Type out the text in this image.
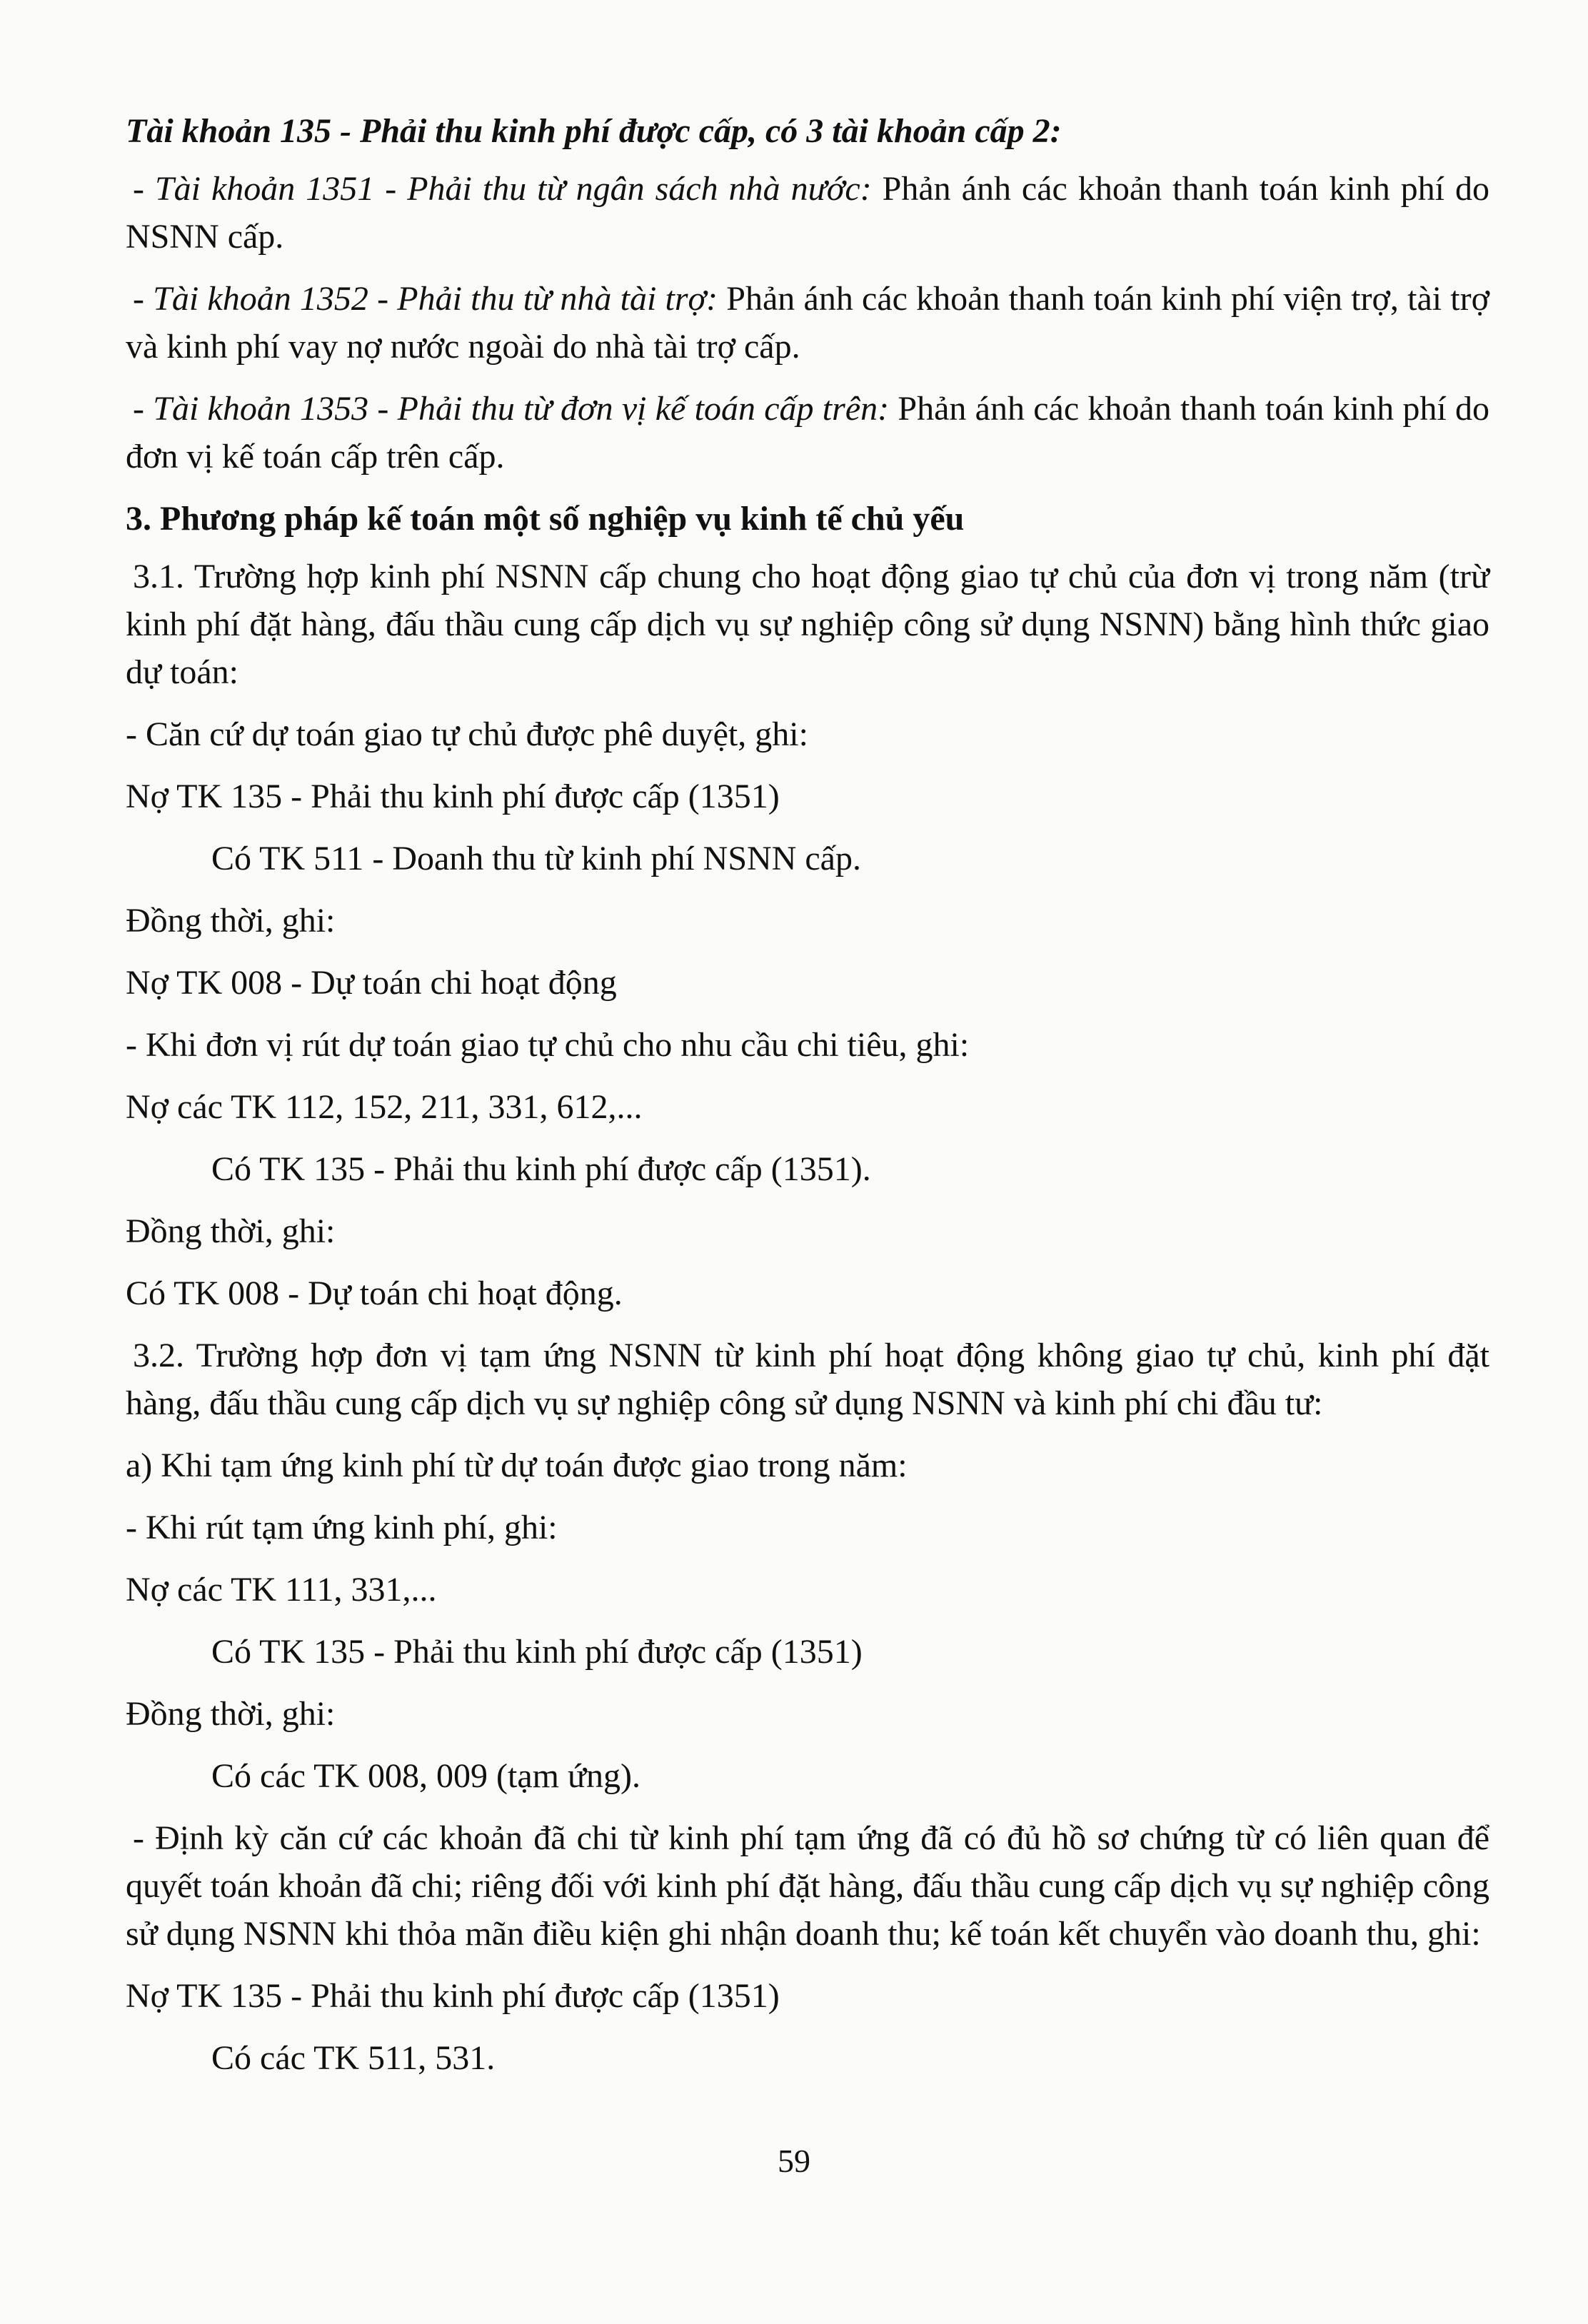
Tài khoản 135 - Phải thu kinh phí được cấp, có 3 tài khoản cấp 2:

- Tài khoản 1351 - Phải thu từ ngân sách nhà nước: Phản ánh các khoản thanh toán kinh phí do NSNN cấp.

- Tài khoản 1352 - Phải thu từ nhà tài trợ: Phản ánh các khoản thanh toán kinh phí viện trợ, tài trợ và kinh phí vay nợ nước ngoài do nhà tài trợ cấp.

- Tài khoản 1353 - Phải thu từ đơn vị kế toán cấp trên: Phản ánh các khoản thanh toán kinh phí do đơn vị kế toán cấp trên cấp.

3. Phương pháp kế toán một số nghiệp vụ kinh tế chủ yếu

3.1. Trường hợp kinh phí NSNN cấp chung cho hoạt động giao tự chủ của đơn vị trong năm (trừ kinh phí đặt hàng, đấu thầu cung cấp dịch vụ sự nghiệp công sử dụng NSNN) bằng hình thức giao dự toán:

- Căn cứ dự toán giao tự chủ được phê duyệt, ghi:

Nợ TK 135 - Phải thu kinh phí được cấp (1351)

Có TK 511 - Doanh thu từ kinh phí NSNN cấp.

Đồng thời, ghi:

Nợ TK 008 - Dự toán chi hoạt động

- Khi đơn vị rút dự toán giao tự chủ cho nhu cầu chi tiêu, ghi:

Nợ các TK 112, 152, 211, 331, 612,...

Có TK 135 - Phải thu kinh phí được cấp (1351).

Đồng thời, ghi:

Có TK 008 - Dự toán chi hoạt động.

3.2. Trường hợp đơn vị tạm ứng NSNN từ kinh phí hoạt động không giao tự chủ, kinh phí đặt hàng, đấu thầu cung cấp dịch vụ sự nghiệp công sử dụng NSNN và kinh phí chi đầu tư:

a) Khi tạm ứng kinh phí từ dự toán được giao trong năm:

- Khi rút tạm ứng kinh phí, ghi:

Nợ các TK 111, 331,...

Có TK 135 - Phải thu kinh phí được cấp (1351)

Đồng thời, ghi:

Có các TK 008, 009 (tạm ứng).

- Định kỳ căn cứ các khoản đã chi từ kinh phí tạm ứng đã có đủ hồ sơ chứng từ có liên quan để quyết toán khoản đã chi; riêng đối với kinh phí đặt hàng, đấu thầu cung cấp dịch vụ sự nghiệp công sử dụng NSNN khi thỏa mãn điều kiện ghi nhận doanh thu; kế toán kết chuyển vào doanh thu, ghi:

Nợ TK 135 - Phải thu kinh phí được cấp (1351)

Có các TK 511, 531.

59
